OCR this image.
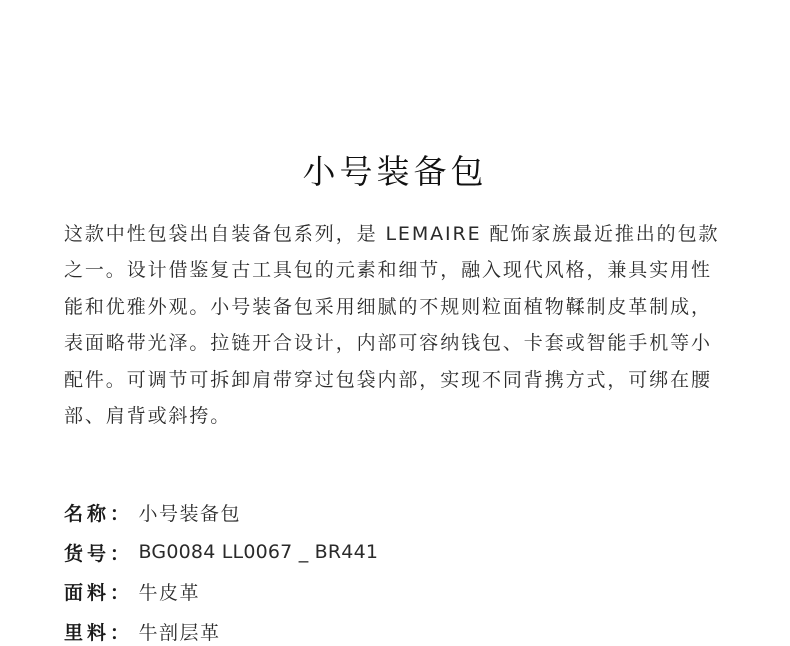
小号装备包

这款中性包袋出自装备包系列，是 LEMAIRE 配饰家族最近推出的包款之一。设计借鉴复古工具包的元素和细节，融入现代风格，兼具实用性能和优雅外观。小号装备包采用细腻的不规则粒面植物鞣制皮革制成，表面略带光泽。拉链开合设计，内部可容纳钱包、卡套或智能手机等小配件。可调节可拆卸肩带穿过包袋内部，实现不同背携方式，可绑在腰部、肩背或斜挎。

名称 ： 小号装备包
货号 ： BG0084 LL0067 _ BR441
面料 ： 牛皮革
里料 ： 牛剖层革
